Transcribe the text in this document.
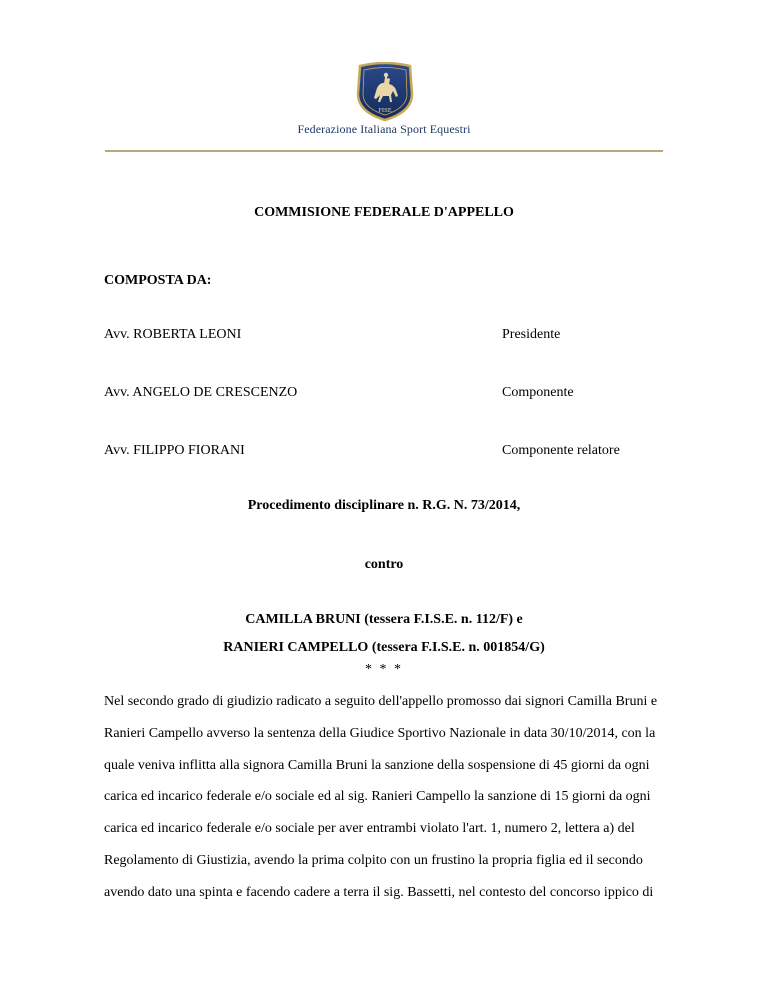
FISE
Federazione Italiana Sport Equestri
COMMISIONE FEDERALE D'APPELLO
COMPOSTA DA:
Avv. ROBERTA LEONI	Presidente
Avv. ANGELO DE CRESCENZO	Componente
Avv. FILIPPO FIORANI	Componente relatore
Procedimento disciplinare n. R.G. N. 73/2014,
contro
CAMILLA BRUNI (tessera F.I.S.E. n. 112/F) e
RANIERI CAMPELLO (tessera F.I.S.E. n. 001854/G)
* * *
Nel secondo grado di giudizio radicato a seguito dell'appello promosso dai signori Camilla Bruni e
Ranieri Campello avverso la sentenza della Giudice Sportivo Nazionale in data 30/10/2014, con la
quale veniva inflitta alla signora Camilla Bruni la sanzione della sospensione di 45 giorni da ogni
carica ed incarico federale e/o sociale ed al sig. Ranieri Campello la sanzione di 15 giorni da ogni
carica ed incarico federale e/o sociale per aver entrambi violato l'art. 1, numero 2, lettera a) del
Regolamento di Giustizia, avendo la prima colpito con un frustino la propria figlia ed il secondo
avendo dato una spinta e facendo cadere a terra il sig. Bassetti, nel contesto del concorso ippico di
